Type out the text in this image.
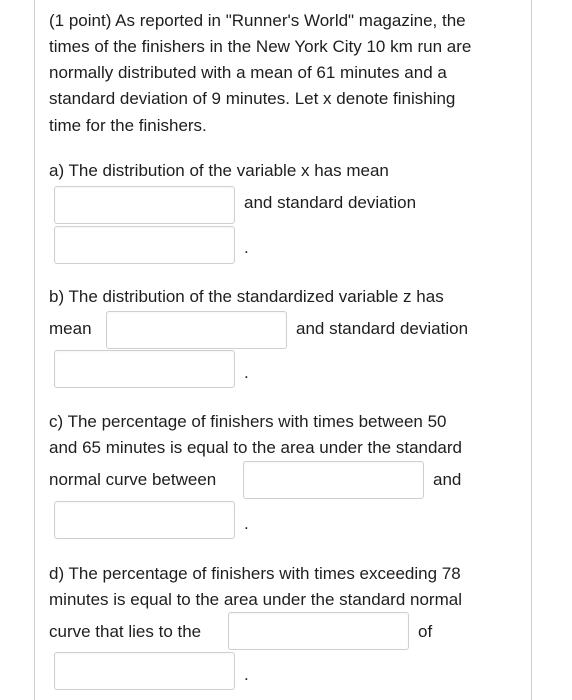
(1 point) As reported in "Runner's World" magazine, the
times of the finishers in the New York City 10 km run are
normally distributed with a mean of 61 minutes and a
standard deviation of 9 minutes. Let x denote finishing
time for the finishers.
a) The distribution of the variable x has mean
and standard deviation
.
b) The distribution of the standardized variable z has
mean	and standard deviation
.
c) The percentage of finishers with times between 50
and 65 minutes is equal to the area under the standard
normal curve between	and
.
d) The percentage of finishers with times exceeding 78
minutes is equal to the area under the standard normal
curve that lies to the	of
.
